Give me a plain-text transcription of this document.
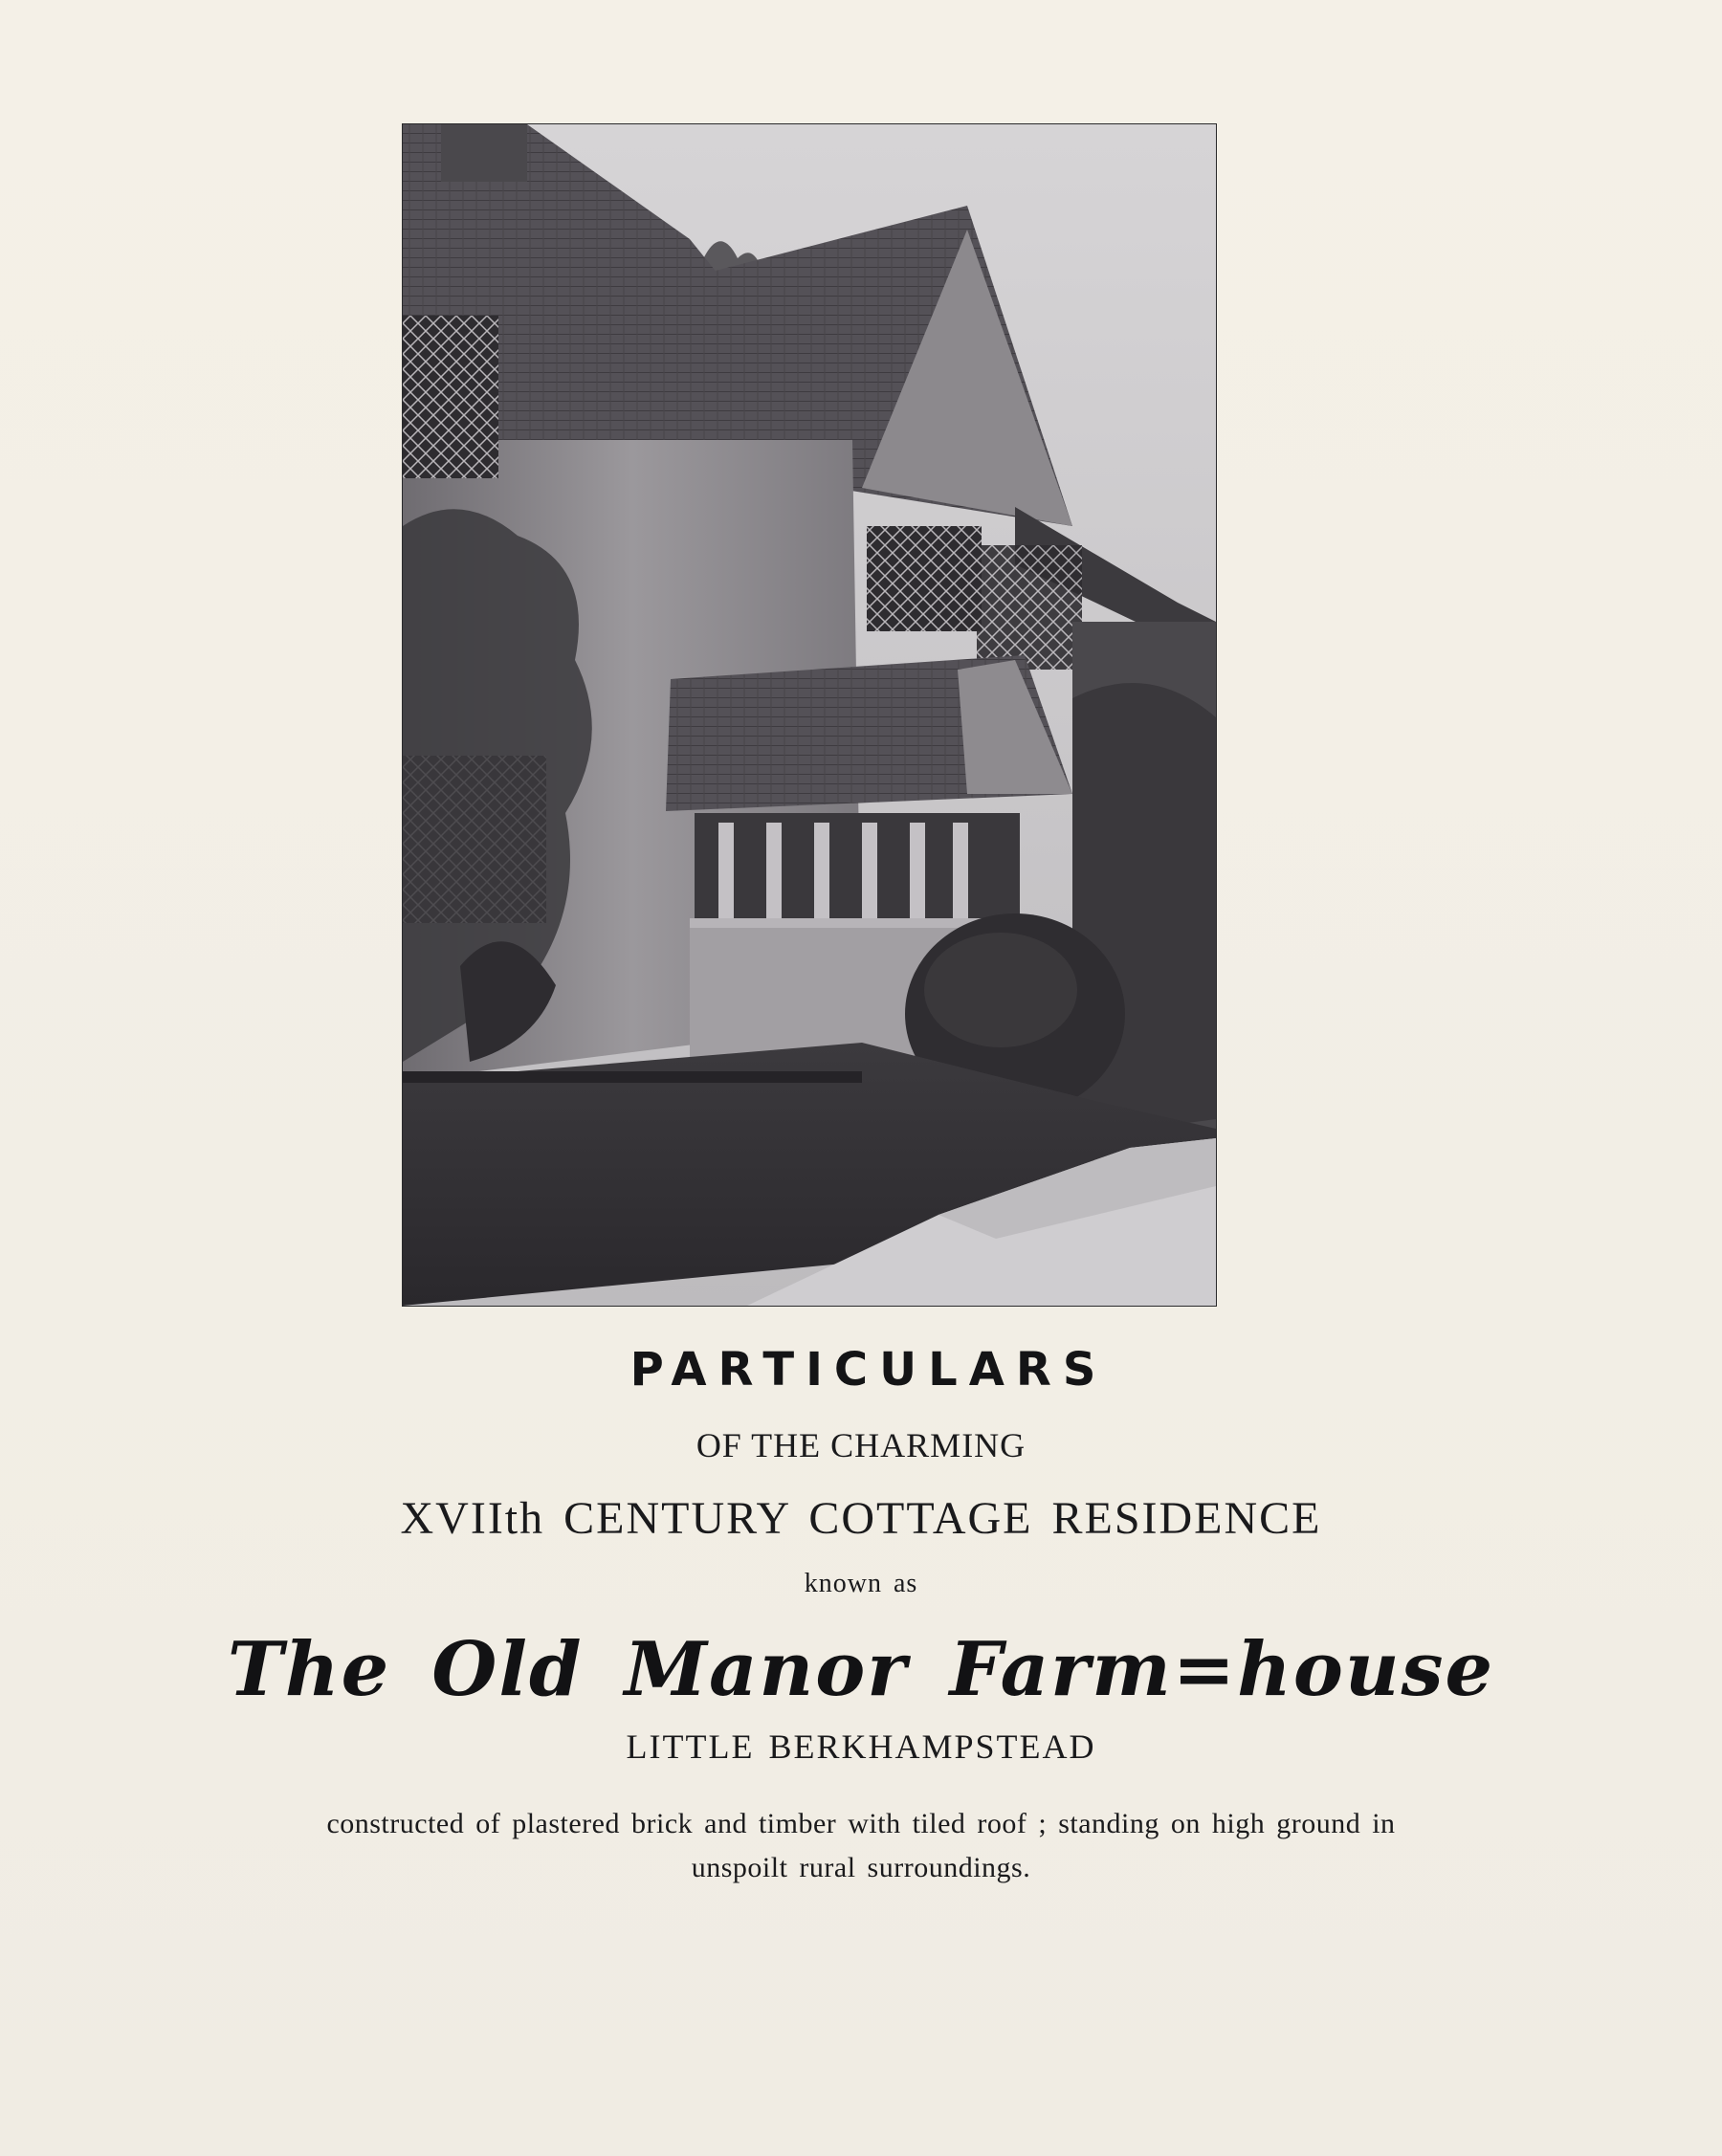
PARTICULARS
OF THE CHARMING
XVIIth CENTURY COTTAGE RESIDENCE
known as
The Old Manor Farm=house
LITTLE BERKHAMPSTEAD
constructed of plastered brick and timber with tiled roof ; standing on high ground in
unspoilt rural surroundings.
